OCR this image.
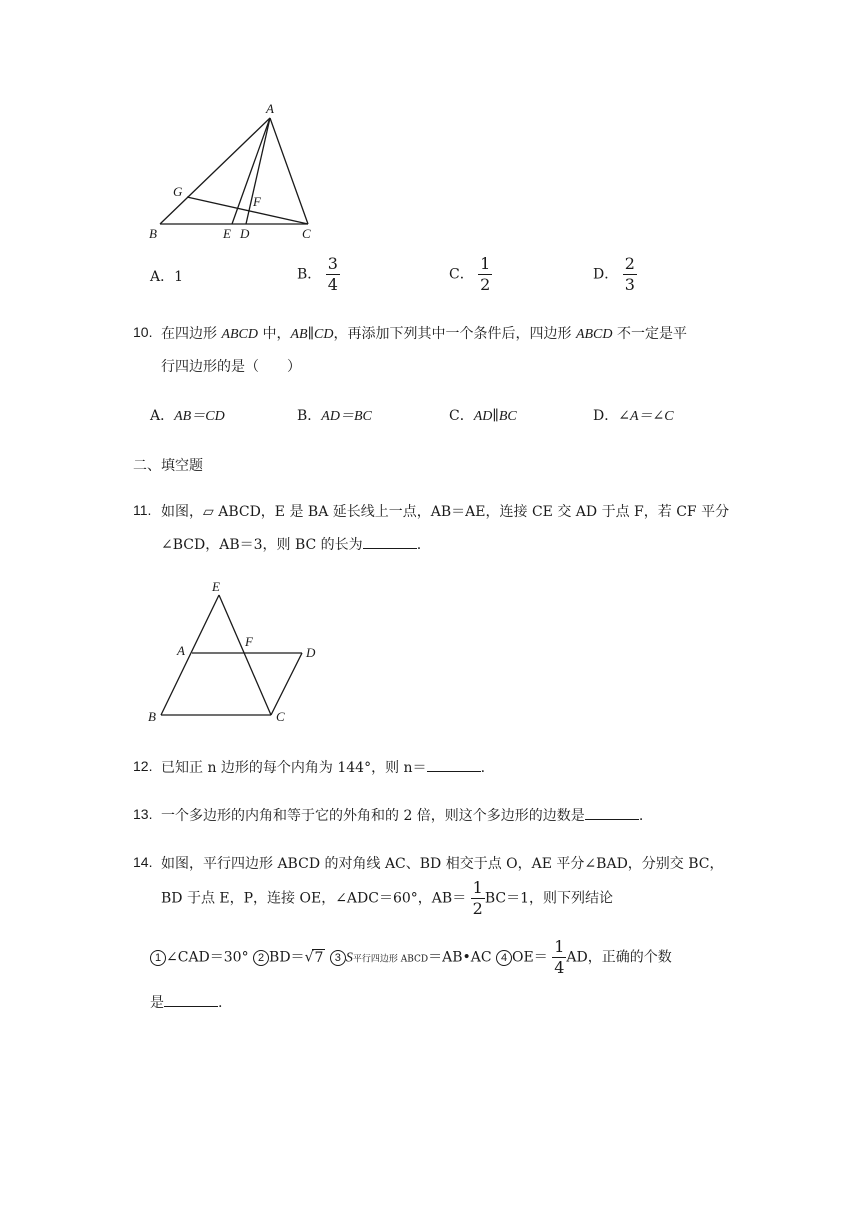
A
G
F
B	E D	C
A．1	B． $\frac{3}{4}$	C． $\frac{1}{2}$	D． $\frac{2}{3}$
10. 在四边形 ABCD 中，AB∥CD，再添加下列其中一个条件后，四边形 ABCD 不一定是平
行四边形的是（　　）
A．AB＝CD	B．AD＝BC	C．AD∥BC	D．∠A＝∠C
二、填空题
11. 如图，▱ ABCD，E 是 BA 延长线上一点，AB＝AE，连接 CE 交 AD 于点 F，若 CF 平分
∠BCD，AB＝3，则 BC 的长为	.
E
A
F
D
B	C
12. 已知正 n 边形的每个内角为 144°，则 n＝	.
13. 一个多边形的内角和等于它的外角和的 2 倍，则这个多边形的边数是	.
14. 如图，平行四边形 ABCD 的对角线 AC、BD 相交于点 O，AE 平分∠BAD，分别交 BC，
BD 于点 E，P，连接 OE，∠ADC＝60°，$AB= \frac{1}{2} BC=1$，则下列结论
1 ∠CAD＝30° 2 BD＝√7 3 S平行四边形 ABCD＝AB•AC 4 $OE= \frac{1}{4}$ AD，正确的个数
是	.
